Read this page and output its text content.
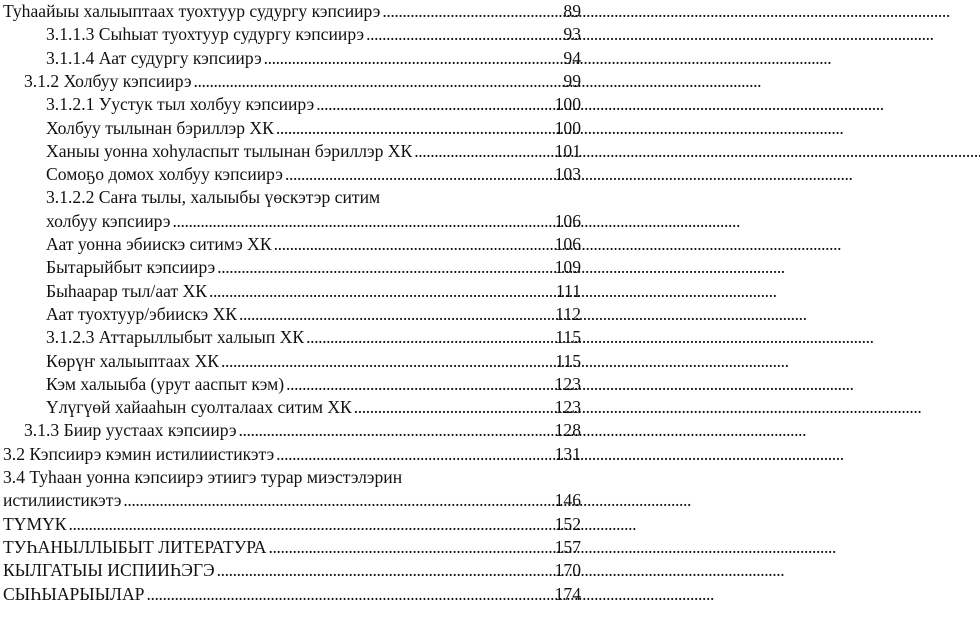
Туһаайыы халыыптаах туохтуур судургу кэпсиирэ . . .	89
3.1.1.3 Сыһыат туохтуур судургу кэпсиирэ . . .	93
3.1.1.4 Аат судургу кэпсиирэ . . .	94
3.1.2 Холбуу кэпсиирэ . . .	99
3.1.2.1 Уустук тыл холбуу кэпсиирэ . . .	100
Холбуу тылынан бэриллэр ХК . . .	100
Ханыы уонна хоһуласпыт тылынан бэриллэр ХК . . .	101
Сомоҕо домох холбуу кэпсиирэ . . .	103
3.1.2.2 Саҥа тылы, халыыбы үөскэтэр ситим
холбуу кэпсиирэ . . .	106
Аат уонна эбиискэ ситимэ ХК . . .	106
Бытарыйбыт кэпсиирэ . . .	109
Быһаарар тыл/аат ХК . . .	111
Аат туохтуур/эбиискэ ХК . . .	112
3.1.2.3 Аттарыллыбыт халыып ХК . . .	115
Көрүҥ халыыптаах ХК . . .	115
Кэм халыыба (урут ааспыт кэм) . . .	123
Үлүгүөй хайааһын суолталаах ситим ХК . . .	123
3.1.3 Биир уустаах кэпсиирэ . . .	128
3.2 Кэпсиирэ кэмин истилиистикэтэ . . .	131
3.4 Туһаан уонна кэпсиирэ этиигэ турар миэстэлэрин
истилиистикэтэ . . .	146
ТҮМҮК . . .	152
ТУҺАНЫЛЛЫБЫТ ЛИТЕРАТУРА . . .	157
КЫЛГАТЫЫ ИСПИИҺЭГЭ . . .	170
СЫҺЫАРЫЫЛАР . . .	174
